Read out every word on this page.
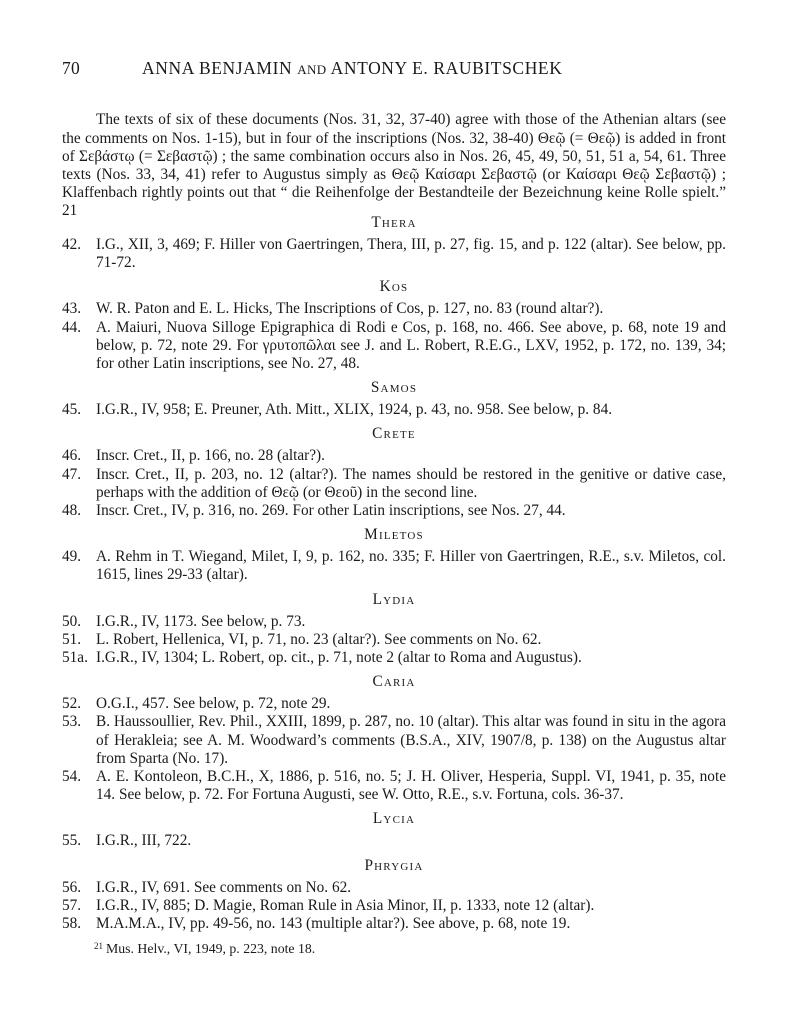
70	ANNA BENJAMIN AND ANTONY E. RAUBITSCHEK

The texts of six of these documents (Nos. 31, 32, 37-40) agree with those of the Athenian altars (see the comments on Nos. 1-15), but in four of the inscriptions (Nos. 32, 38-40) Θεῷ (= Θεῷ) is added in front of Σεβάστῳ (= Σεβαστῷ) ; the same combination occurs also in Nos. 26, 45, 49, 50, 51, 51 a, 54, 61. Three texts (Nos. 33, 34, 41) refer to Augustus simply as Θεῷ Καίσαρι Σεβαστῷ (or Καίσαρι Θεῷ Σεβαστῷ) ; Klaffenbach rightly points out that “ die Reihenfolge der Bestandteile der Bezeichnung keine Rolle spielt.” 21

Thera
42. I.G., XII, 3, 469; F. Hiller von Gaertringen, Thera, III, p. 27, fig. 15, and p. 122 (altar). See below, pp. 71-72.
Kos
43. W. R. Paton and E. L. Hicks, The Inscriptions of Cos, p. 127, no. 83 (round altar?).
44. A. Maiuri, Nuova Silloge Epigraphica di Rodi e Cos, p. 168, no. 466. See above, p. 68, note 19 and below, p. 72, note 29. For γρυτοπῶλαι see J. and L. Robert, R.E.G., LXV, 1952, p. 172, no. 139, 34; for other Latin inscriptions, see No. 27, 48.
Samos
45. I.G.R., IV, 958; E. Preuner, Ath. Mitt., XLIX, 1924, p. 43, no. 958. See below, p. 84.
Crete
46. Inscr. Cret., II, p. 166, no. 28 (altar?).
47. Inscr. Cret., II, p. 203, no. 12 (altar?). The names should be restored in the genitive or dative case, perhaps with the addition of Θεῷ (or Θεοῦ) in the second line.
48. Inscr. Cret., IV, p. 316, no. 269. For other Latin inscriptions, see Nos. 27, 44.
Miletos
49. A. Rehm in T. Wiegand, Milet, I, 9, p. 162, no. 335; F. Hiller von Gaertringen, R.E., s.v. Miletos, col. 1615, lines 29-33 (altar).
Lydia
50. I.G.R., IV, 1173. See below, p. 73.
51. L. Robert, Hellenica, VI, p. 71, no. 23 (altar?). See comments on No. 62.
51a. I.G.R., IV, 1304; L. Robert, op. cit., p. 71, note 2 (altar to Roma and Augustus).
Caria
52. O.G.I., 457. See below, p. 72, note 29.
53. B. Haussoullier, Rev. Phil., XXIII, 1899, p. 287, no. 10 (altar). This altar was found in situ in the agora of Herakleia; see A. M. Woodward’s comments (B.S.A., XIV, 1907/8, p. 138) on the Augustus altar from Sparta (No. 17).
54. A. E. Kontoleon, B.C.H., X, 1886, p. 516, no. 5; J. H. Oliver, Hesperia, Suppl. VI, 1941, p. 35, note 14. See below, p. 72. For Fortuna Augusti, see W. Otto, R.E., s.v. Fortuna, cols. 36-37.
Lycia
55. I.G.R., III, 722.
Phrygia
56. I.G.R., IV, 691. See comments on No. 62.
57. I.G.R., IV, 885; D. Magie, Roman Rule in Asia Minor, II, p. 1333, note 12 (altar).
58. M.A.M.A., IV, pp. 49-56, no. 143 (multiple altar?). See above, p. 68, note 19.
$^{21}$ Mus. Helv., VI, 1949, p. 223, note 18.
